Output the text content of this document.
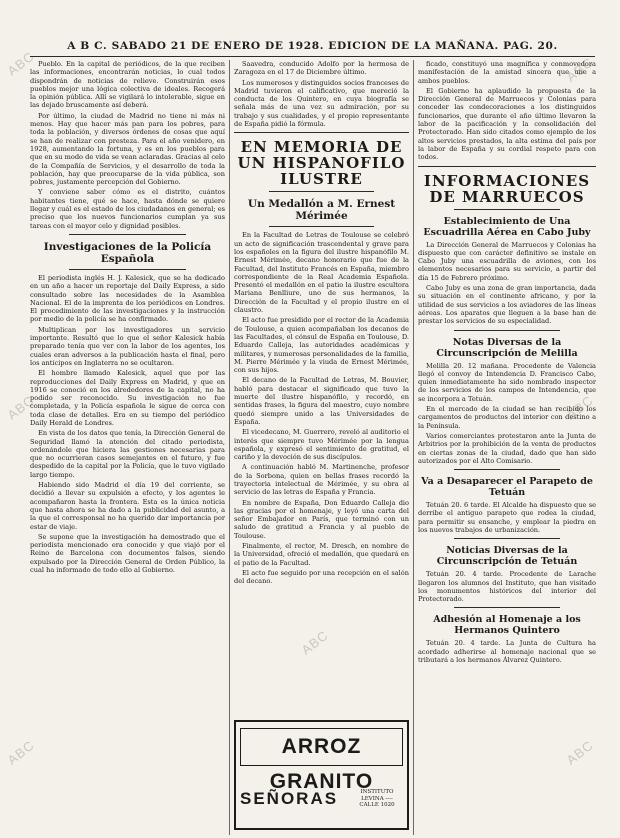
ABC	ABC
ABC	ABC
ABC
ABC	ABC
A B C. SABADO 21 DE ENERO DE 1928. EDICION DE LA MAÑANA. PAG. 20.

Pueblo. En la capital de periódicos, de la que reciben las informaciones, encontrarán noticias, lo cual todos dispondrán de noticias de relieve. Construirán esos pueblos mejor una lógica colectiva de ideales. Recogerá la opinión pública. Allí se vigilará lo intolerable, sigue en las dejado bruscamente así deberá.

Por último, la ciudad de Madrid no tiene ni más ni menos. Hay que hacer más pan para los pobres, para toda la población, y diversos órdenes de cosas que aquí se han de realizar con presteza. Para el año venidero, en 1928, aumentando la fortuna, y es en los pueblos para que en su modo de vida se vean aclaradas. Gracias al celo de la Compañía de Servicios, y el desarrollo de toda la población, hay que preocuparse de la vida pública, son pobres, justamente percepción del Gobierno.

Y conviene saber cómo es el distrito, cuántos habitantes tiene, qué se hace, hasta dónde se quiere llegar y cuál es el estado de los ciudadanos en general; es preciso que los nuevos funcionarios cumplan ya sus tareas con el mayor celo y dignidad posibles.

Investigaciones de la Policía Española

El periodista inglés H. J. Kalesick, que se ha dedicado en un año a hacer un reportaje del Daily Express, a sido consultado sobre las necesidades de la Asamblea Nacional. El de la imprenta de los periódicos en Londres. El procedimiento de las investigaciones y la instrucción por medio de la policía se ha confirmado.

Multiplican por los investigadores un servicio importante. Resultó que lo que el señor Kalesick había preparado tenía que ver con la labor de los agentes, los cuales eran adversos a la publicación hasta el final, pero los anticipos en Inglaterra no se ocultaron.

El hombre llamado Kalesick, aquel que por las reproducciones del Daily Express en Madrid, y que en 1916 se conoció en los alrededores de la capital, no ha podido ser reconocido. Su investigación no fue completada, y la Policía española le sigue de cerca con toda clase de detalles. Era en su tiempo del periódico Daily Herald de Londres.

En vista de los datos que tenía, la Dirección General de Seguridad llamó la atención del citado periodista, ordenándole que hiciera las gestiones necesarias para que no ocurrieran casos semejantes en el futuro, y fue despedido de la capital por la Policía, que le tuvo vigilado largo tiempo.

Habiendo sido Madrid el día 19 del corriente, se decidió a llevar su expulsión a efecto, y los agentes le acompañaron hasta la frontera. Esta es la única noticia que hasta ahora se ha dado a la publicidad del asunto, a la que el corresponsal no ha querido dar importancia por estar de viaje.

Se supone que la investigación ha demostrado que el periodista mencionado era conocido y que viajó por el Reino de Barcelona con documentos falsos, siendo expulsado por la Dirección General de Orden Público, la cual ha informado de todo ello al Gobierno.

Saavedra, conducido Adolfo por la hermosa de Zaragoza en el 17 de Diciembre último.

Los numerosos y distinguidos socios franceses de Madrid tuvieron el calificativo, que mereció la conducta de los Quintero, en cuya biografía se señala más de una vez su admiración, por su trabajo y sus cualidades, y el propio representante de España pidió la fórmula.

EN MEMORIA DE UN HISPANOFILO ILUSTRE
Un Medallón a M. Ernest Mérimée

En la Facultad de Letras de Toulouse se celebró un acto de significación trascendental y grave para los españoles en la figura del ilustre hispanófilo M. Ernest Mérimée, decano honorario que fue de la Facultad, del Instituto Francés en España, miembro correspondiente de la Real Academia Española. Presentó el medallón en el patio la ilustre escultora Mariana Benlliure, uno de sus hermanos, la Dirección de la Facultad y el propio ilustre en el claustro.

El acto fue presidido por el rector de la Academia de Toulouse, a quien acompañaban los decanos de las Facultades, el cónsul de España en Toulouse, D. Eduardo Calleja, las autoridades académicas y militares, y numerosas personalidades de la familia, M. Pierre Mérimée y la viuda de Ernest Mérimée, con sus hijos.

El decano de la Facultad de Letras, M. Bouvier, habló para destacar el significado que tuvo la muerte del ilustre hispanófilo, y recordó, en sentidas frases, la figura del maestro, cuyo nombre quedó siempre unido a las Universidades de España.

El vicedecano, M. Guerrero, reveló al auditorio el interés que siempre tuvo Mérimée por la lengua española, y expresó el sentimiento de gratitud, el cariño y la devoción de sus discípulos.

A continuación habló M. Martinenche, profesor de la Sorbona, quien en bellas frases recordó la trayectoria intelectual de Mérimée, y su obra al servicio de las letras de España y Francia.

En nombre de España, Don Eduardo Calleja dio las gracias por el homenaje, y leyó una carta del señor Embajador en París, que terminó con un saludo de gratitud a Francia y al pueblo de Toulouse.

Finalmente, el rector, M. Dresch, en nombre de la Universidad, ofreció el medallón, que quedará en el patio de la Facultad.

El acto fue seguido por una recepción en el salón del decano.

ARROZ GRANITO
SEÑORAS	INSTITUTO LEVINA ---- CALLE 1020

ficado, constituyó una magnífica y conmovedora manifestación de la amistad sincera que une a ambos pueblos.

El Gobierno ha aplaudido la propuesta de la Dirección General de Marruecos y Colonias para conceder las condecoraciones a los distinguidos funcionarios, que durante el año último llevaron la labor de la pacificación y la consolidación del Protectorado. Han sido citados como ejemplo de los altos servicios prestados, la alta estima del país por la labor de España y su cordial respeto para con todos.

INFORMACIONES DE MARRUECOS
Establecimiento de Una Escuadrilla Aérea en Cabo Juby

La Dirección General de Marruecos y Colonias ha dispuesto que con carácter definitivo se instale en Cabo Juby una escuadrilla de aviones, con los elementos necesarios para su servicio, a partir del día 15 de Febrero próximo.

Cabo Juby es una zona de gran importancia, dada su situación en el continente africano, y por la utilidad de sus servicios a los aviadores de las líneas aéreas. Los aparatos que lleguen a la base han de prestar los servicios de su especialidad.

Notas Diversas de la Circunscripción de Melilla

Melilla 20. 12 mañana. Procedente de Valencia llegó el convoy de Intendencia D. Francisco Cabo, quien inmediatamente ha sido nombrado inspector de los servicios de los campos de Intendencia, que se incorpora a Tetuán.

En el mercado de la ciudad se han recibido los cargamentos de productos del interior con destino a la Península.

Varios comerciantes protestaron ante la Junta de Arbitrios por la prohibición de la venta de productos en ciertas zonas de la ciudad, dado que han sido autorizados por el Alto Comisario.

Va a Desaparecer el Parapeto de Tetuán

Tetuán 20. 6 tarde. El Alcalde ha dispuesto que se derribe el antiguo parapeto que rodea la ciudad, para permitir su ensanche, y emplear la piedra en los nuevos trabajos de urbanización.

Noticias Diversas de la Circunscripción de Tetuán

Tetuán 20. 4 tarde. Procedente de Larache llegaron los alumnos del Instituto, que han visitado los monumentos históricos del interior del Protectorado.

Adhesión al Homenaje a los Hermanos Quintero

Tetuán 20. 4 tarde. La Junta de Cultura ha acordado adherirse al homenaje nacional que se tributará a los hermanos Álvarez Quintero.
